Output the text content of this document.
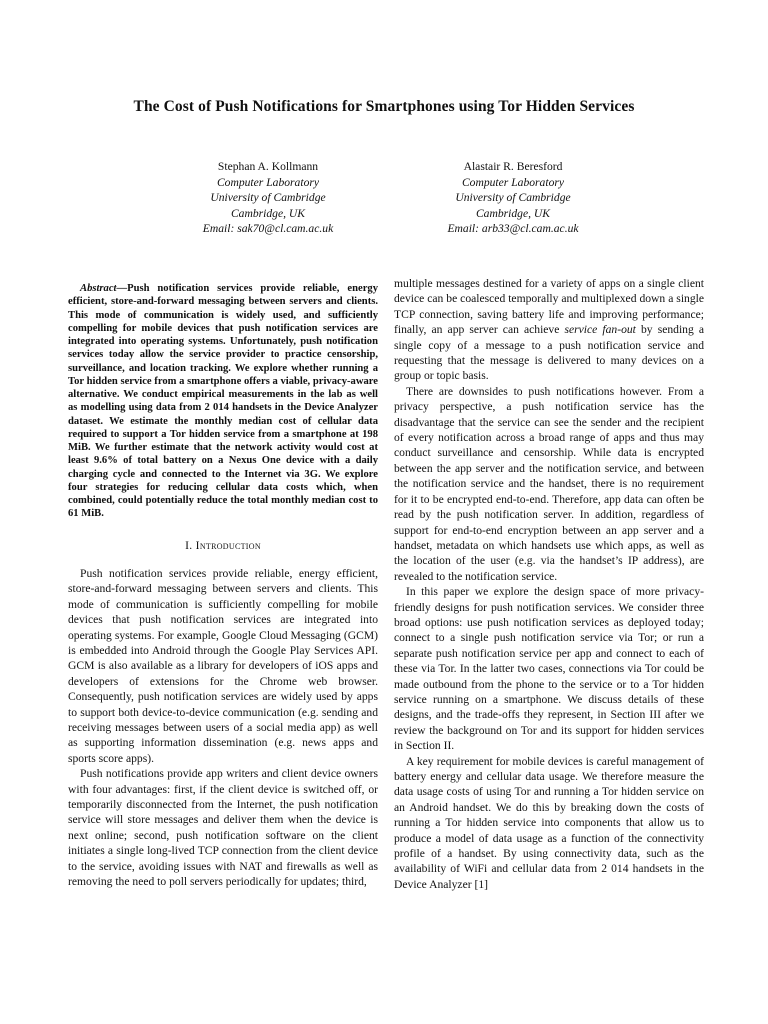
The Cost of Push Notifications for Smartphones using Tor Hidden Services
Stephan A. Kollmann
Computer Laboratory
University of Cambridge
Cambridge, UK
Email: sak70@cl.cam.ac.uk
Alastair R. Beresford
Computer Laboratory
University of Cambridge
Cambridge, UK
Email: arb33@cl.cam.ac.uk

Abstract—Push notification services provide reliable, energy efficient, store-and-forward messaging between servers and clients. This mode of communication is widely used, and sufficiently compelling for mobile devices that push notification services are integrated into operating systems. Unfortunately, push notification services today allow the service provider to practice censorship, surveillance, and location tracking. We explore whether running a Tor hidden service from a smartphone offers a viable, privacy-aware alternative. We conduct empirical measurements in the lab as well as modelling using data from 2 014 handsets in the Device Analyzer dataset. We estimate the monthly median cost of cellular data required to support a Tor hidden service from a smartphone at 198 MiB. We further estimate that the network activity would cost at least 9.6% of total battery on a Nexus One device with a daily charging cycle and connected to the Internet via 3G. We explore four strategies for reducing cellular data costs which, when combined, could potentially reduce the total monthly median cost to 61 MiB.

I. Introduction

Push notification services provide reliable, energy efficient, store-and-forward messaging between servers and clients. This mode of communication is sufficiently compelling for mobile devices that push notification services are integrated into operating systems. For example, Google Cloud Messaging (GCM) is embedded into Android through the Google Play Services API. GCM is also available as a library for developers of iOS apps and developers of extensions for the Chrome web browser. Consequently, push notification services are widely used by apps to support both device-to-device communication (e.g. sending and receiving messages between users of a social media app) as well as supporting information dissemination (e.g. news apps and sports score apps).

Push notifications provide app writers and client device owners with four advantages: first, if the client device is switched off, or temporarily disconnected from the Internet, the push notification service will store messages and deliver them when the device is next online; second, push notification software on the client initiates a single long-lived TCP connection from the client device to the service, avoiding issues with NAT and firewalls as well as removing the need to poll servers periodically for updates; third,

multiple messages destined for a variety of apps on a single client device can be coalesced temporally and multiplexed down a single TCP connection, saving battery life and improving performance; finally, an app server can achieve service fan-out by sending a single copy of a message to a push notification service and requesting that the message is delivered to many devices on a group or topic basis.

There are downsides to push notifications however. From a privacy perspective, a push notification service has the disadvantage that the service can see the sender and the recipient of every notification across a broad range of apps and thus may conduct surveillance and censorship. While data is encrypted between the app server and the notification service, and between the notification service and the handset, there is no requirement for it to be encrypted end-to-end. Therefore, app data can often be read by the push notification server. In addition, regardless of support for end-to-end encryption between an app server and a handset, metadata on which handsets use which apps, as well as the location of the user (e.g. via the handset’s IP address), are revealed to the notification service.

In this paper we explore the design space of more privacy-friendly designs for push notification services. We consider three broad options: use push notification services as deployed today; connect to a single push notification service via Tor; or run a separate push notification service per app and connect to each of these via Tor. In the latter two cases, connections via Tor could be made outbound from the phone to the service or to a Tor hidden service running on a smartphone. We discuss details of these designs, and the trade-offs they represent, in Section III after we review the background on Tor and its support for hidden services in Section II.

A key requirement for mobile devices is careful management of battery energy and cellular data usage. We therefore measure the data usage costs of using Tor and running a Tor hidden service on an Android handset. We do this by breaking down the costs of running a Tor hidden service into components that allow us to produce a model of data usage as a function of the connectivity profile of a handset. By using connectivity data, such as the availability of WiFi and cellular data from 2 014 handsets in the Device Analyzer [1]
